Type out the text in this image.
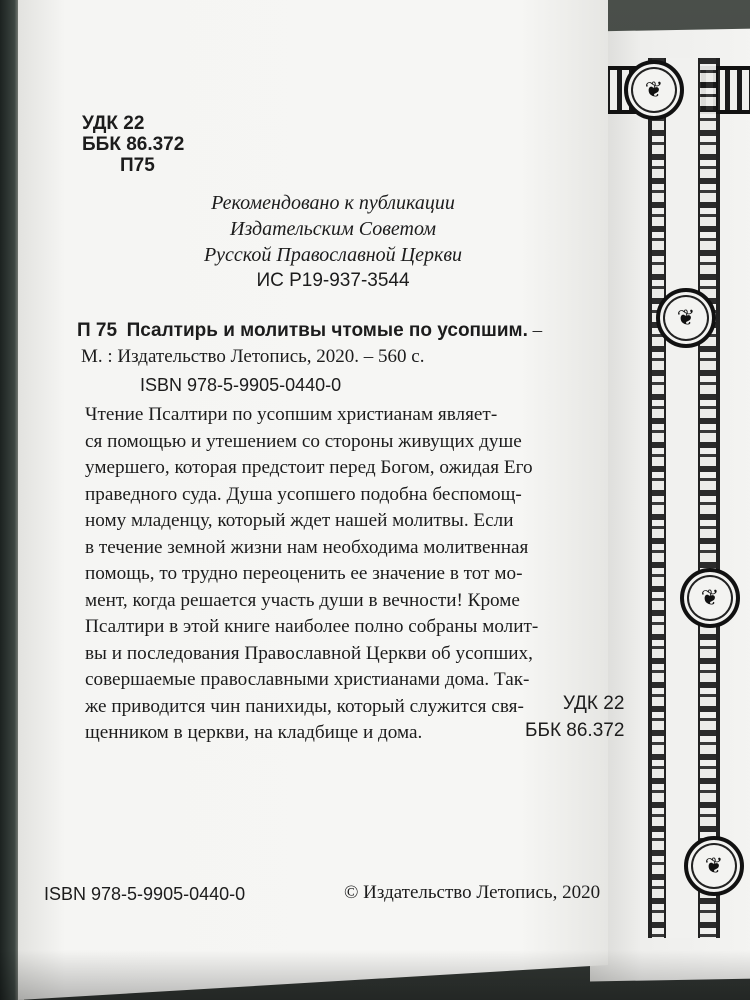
❦
❦
❦
❦
УДК 22
ББК 86.372
П75
Рекомендовано к публикации
Издательским Советом
Русской Православной Церкви
ИС Р19-937-3544
П 75 Псалтирь и молитвы чтомые по усопшим. –
М. : Издательство Летопись, 2020. – 560 с.
ISBN 978-5-9905-0440-0
Чтение Псалтири по усопшим христианам являет-
ся помощью и утешением со стороны живущих душе
умершего, которая предстоит перед Богом, ожидая Его
праведного суда. Душа усопшего подобна беспомощ-
ному младенцу, который ждет нашей молитвы. Если
в течение земной жизни нам необходима молитвенная
помощь, то трудно переоценить ее значение в тот мо-
мент, когда решается участь души в вечности! Кроме
Псалтири в этой книге наиболее полно собраны молит-
вы и последования Православной Церкви об усопших,
совершаемые православными христианами дома. Так-
же приводится чин панихиды, который служится свя-
щенником в церкви, на кладбище и дома.
УДК 22
ББК 86.372
ISBN 978-5-9905-0440-0	© Издательство Летопись, 2020
